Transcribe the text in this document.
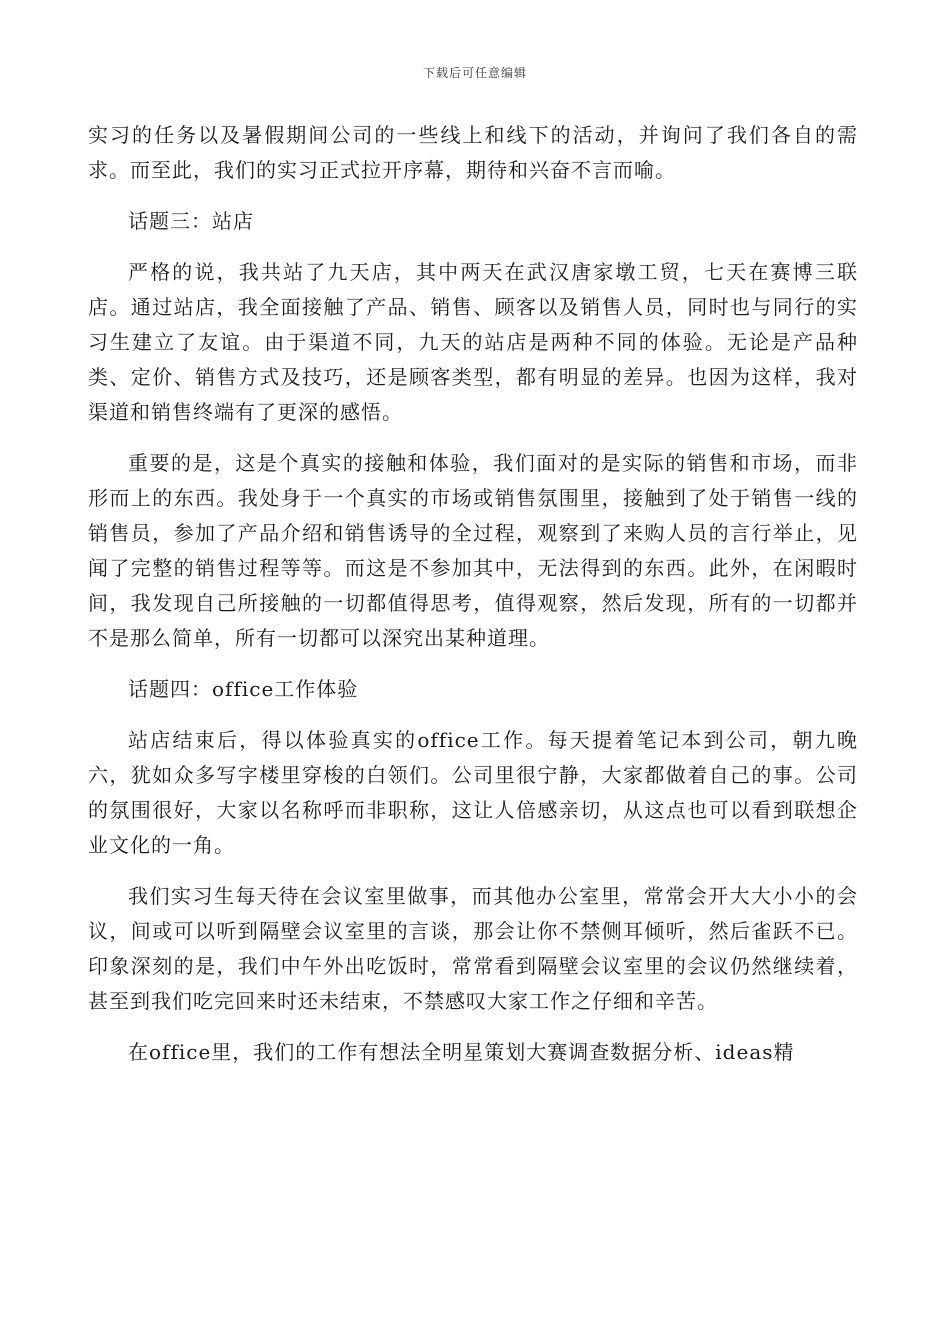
下载后可任意编辑

实习的任务以及暑假期间公司的一些线上和线下的活动，并询问了我们各自的需求。而至此，我们的实习正式拉开序幕，期待和兴奋不言而喻。

话题三：站店

严格的说，我共站了九天店，其中两天在武汉唐家墩工贸，七天在赛博三联店。通过站店，我全面接触了产品、销售、顾客以及销售人员，同时也与同行的实习生建立了友谊。由于渠道不同，九天的站店是两种不同的体验。无论是产品种类、定价、销售方式及技巧，还是顾客类型，都有明显的差异。也因为这样，我对渠道和销售终端有了更深的感悟。

重要的是，这是个真实的接触和体验，我们面对的是实际的销售和市场，而非形而上的东西。我处身于一个真实的市场或销售氛围里，接触到了处于销售一线的销售员，参加了产品介绍和销售诱导的全过程，观察到了来购人员的言行举止，见闻了完整的销售过程等等。而这是不参加其中，无法得到的东西。此外，在闲暇时间，我发现自己所接触的一切都值得思考，值得观察，然后发现，所有的一切都并不是那么简单，所有一切都可以深究出某种道理。

话题四：office工作体验

站店结束后，得以体验真实的office工作。每天提着笔记本到公司，朝九晚六，犹如众多写字楼里穿梭的白领们。公司里很宁静，大家都做着自己的事。公司的氛围很好，大家以名称呼而非职称，这让人倍感亲切，从这点也可以看到联想企业文化的一角。

我们实习生每天待在会议室里做事，而其他办公室里，常常会开大大小小的会议，间或可以听到隔壁会议室里的言谈，那会让你不禁侧耳倾听，然后雀跃不已。印象深刻的是，我们中午外出吃饭时，常常看到隔壁会议室里的会议仍然继续着，甚至到我们吃完回来时还未结束，不禁感叹大家工作之仔细和辛苦。

在office里，我们的工作有想法全明星策划大赛调查数据分析、ideas精
